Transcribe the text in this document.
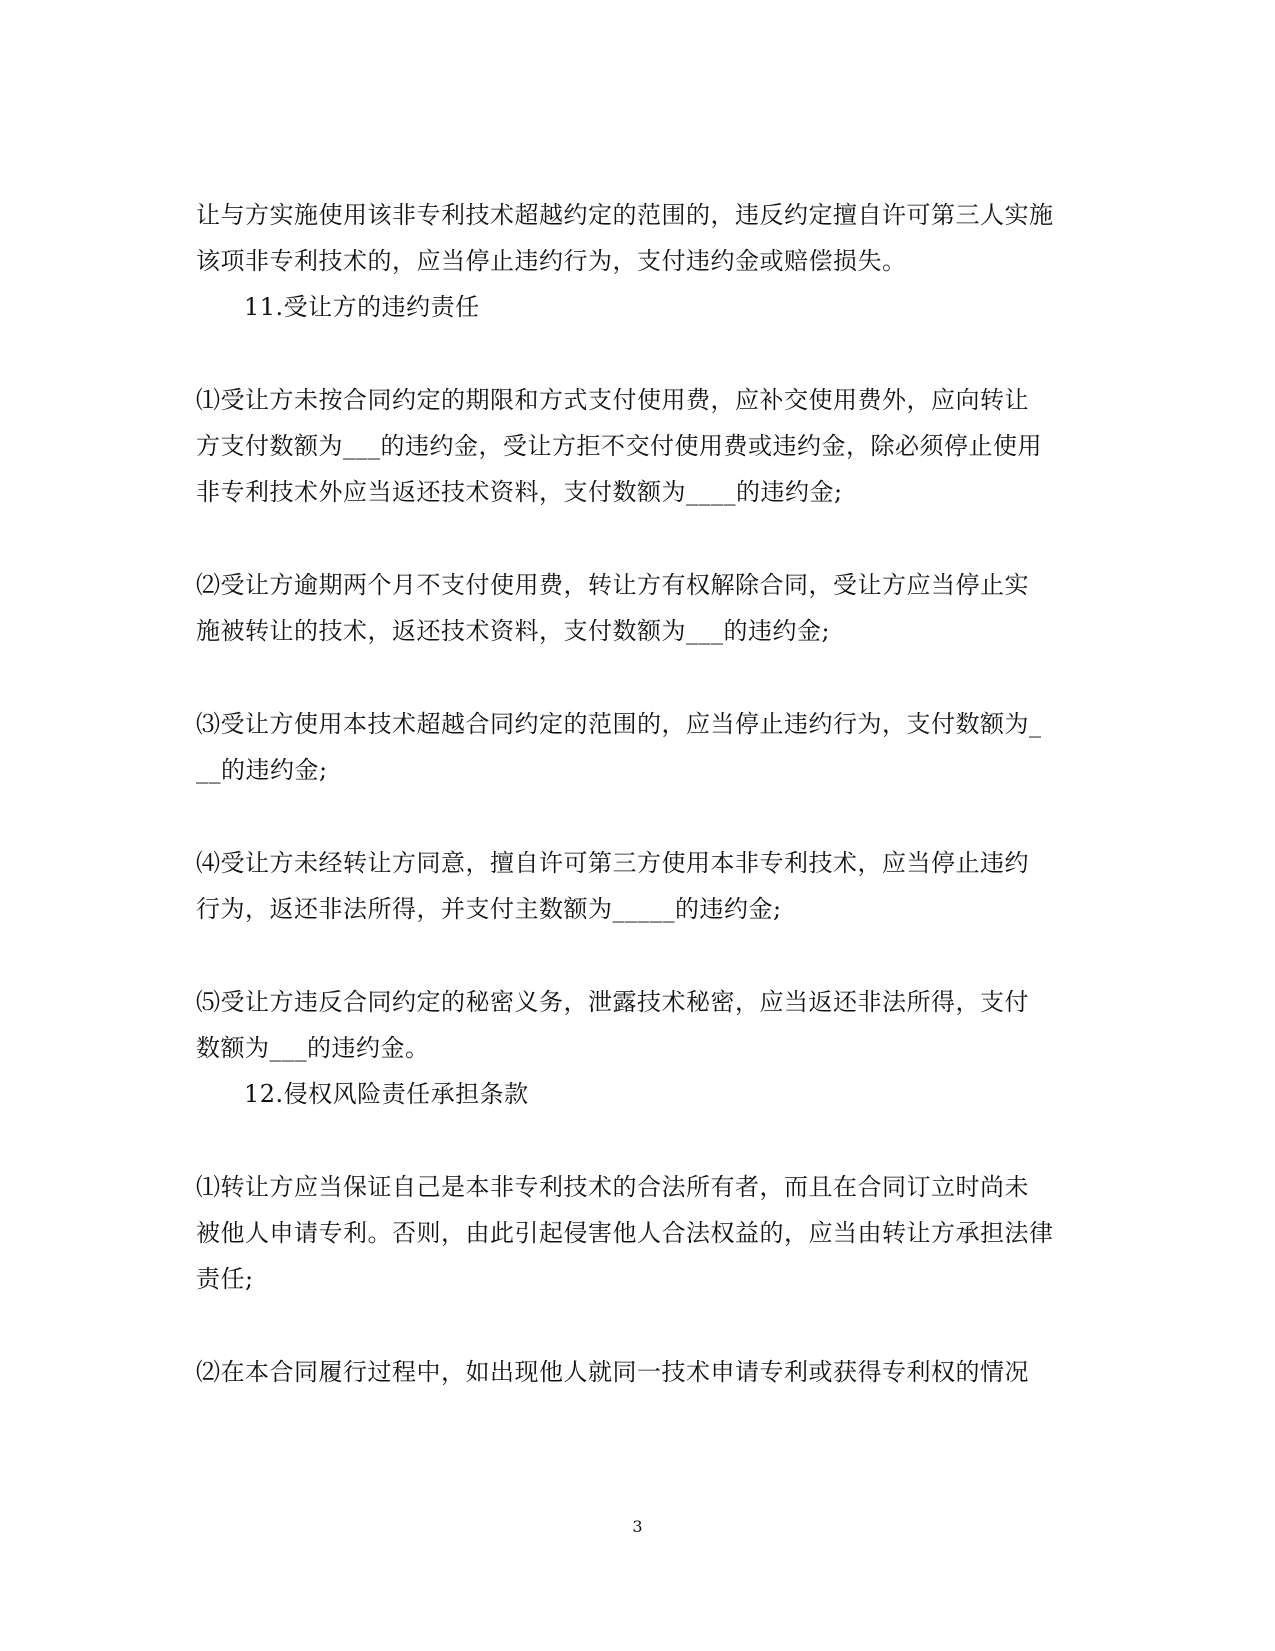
让与方实施使用该非专利技术超越约定的范围的，违反约定擅自许可第三人实施
该项非专利技术的，应当停止违约行为，支付违约金或赔偿损失。
11.受让方的违约责任
⑴受让方未按合同约定的期限和方式支付使用费，应补交使用费外，应向转让
方支付数额为___的违约金，受让方拒不交付使用费或违约金，除必须停止使用
非专利技术外应当返还技术资料，支付数额为____的违约金;
⑵受让方逾期两个月不支付使用费，转让方有权解除合同，受让方应当停止实
施被转让的技术，返还技术资料，支付数额为___的违约金;
⑶受让方使用本技术超越合同约定的范围的，应当停止违约行为，支付数额为_
__的违约金;
⑷受让方未经转让方同意，擅自许可第三方使用本非专利技术，应当停止违约
行为，返还非法所得，并支付主数额为_____的违约金;
⑸受让方违反合同约定的秘密义务，泄露技术秘密，应当返还非法所得，支付
数额为___的违约金。
12.侵权风险责任承担条款
⑴转让方应当保证自己是本非专利技术的合法所有者，而且在合同订立时尚未
被他人申请专利。否则，由此引起侵害他人合法权益的，应当由转让方承担法律
责任;
⑵在本合同履行过程中，如出现他人就同一技术申请专利或获得专利权的情况
3
